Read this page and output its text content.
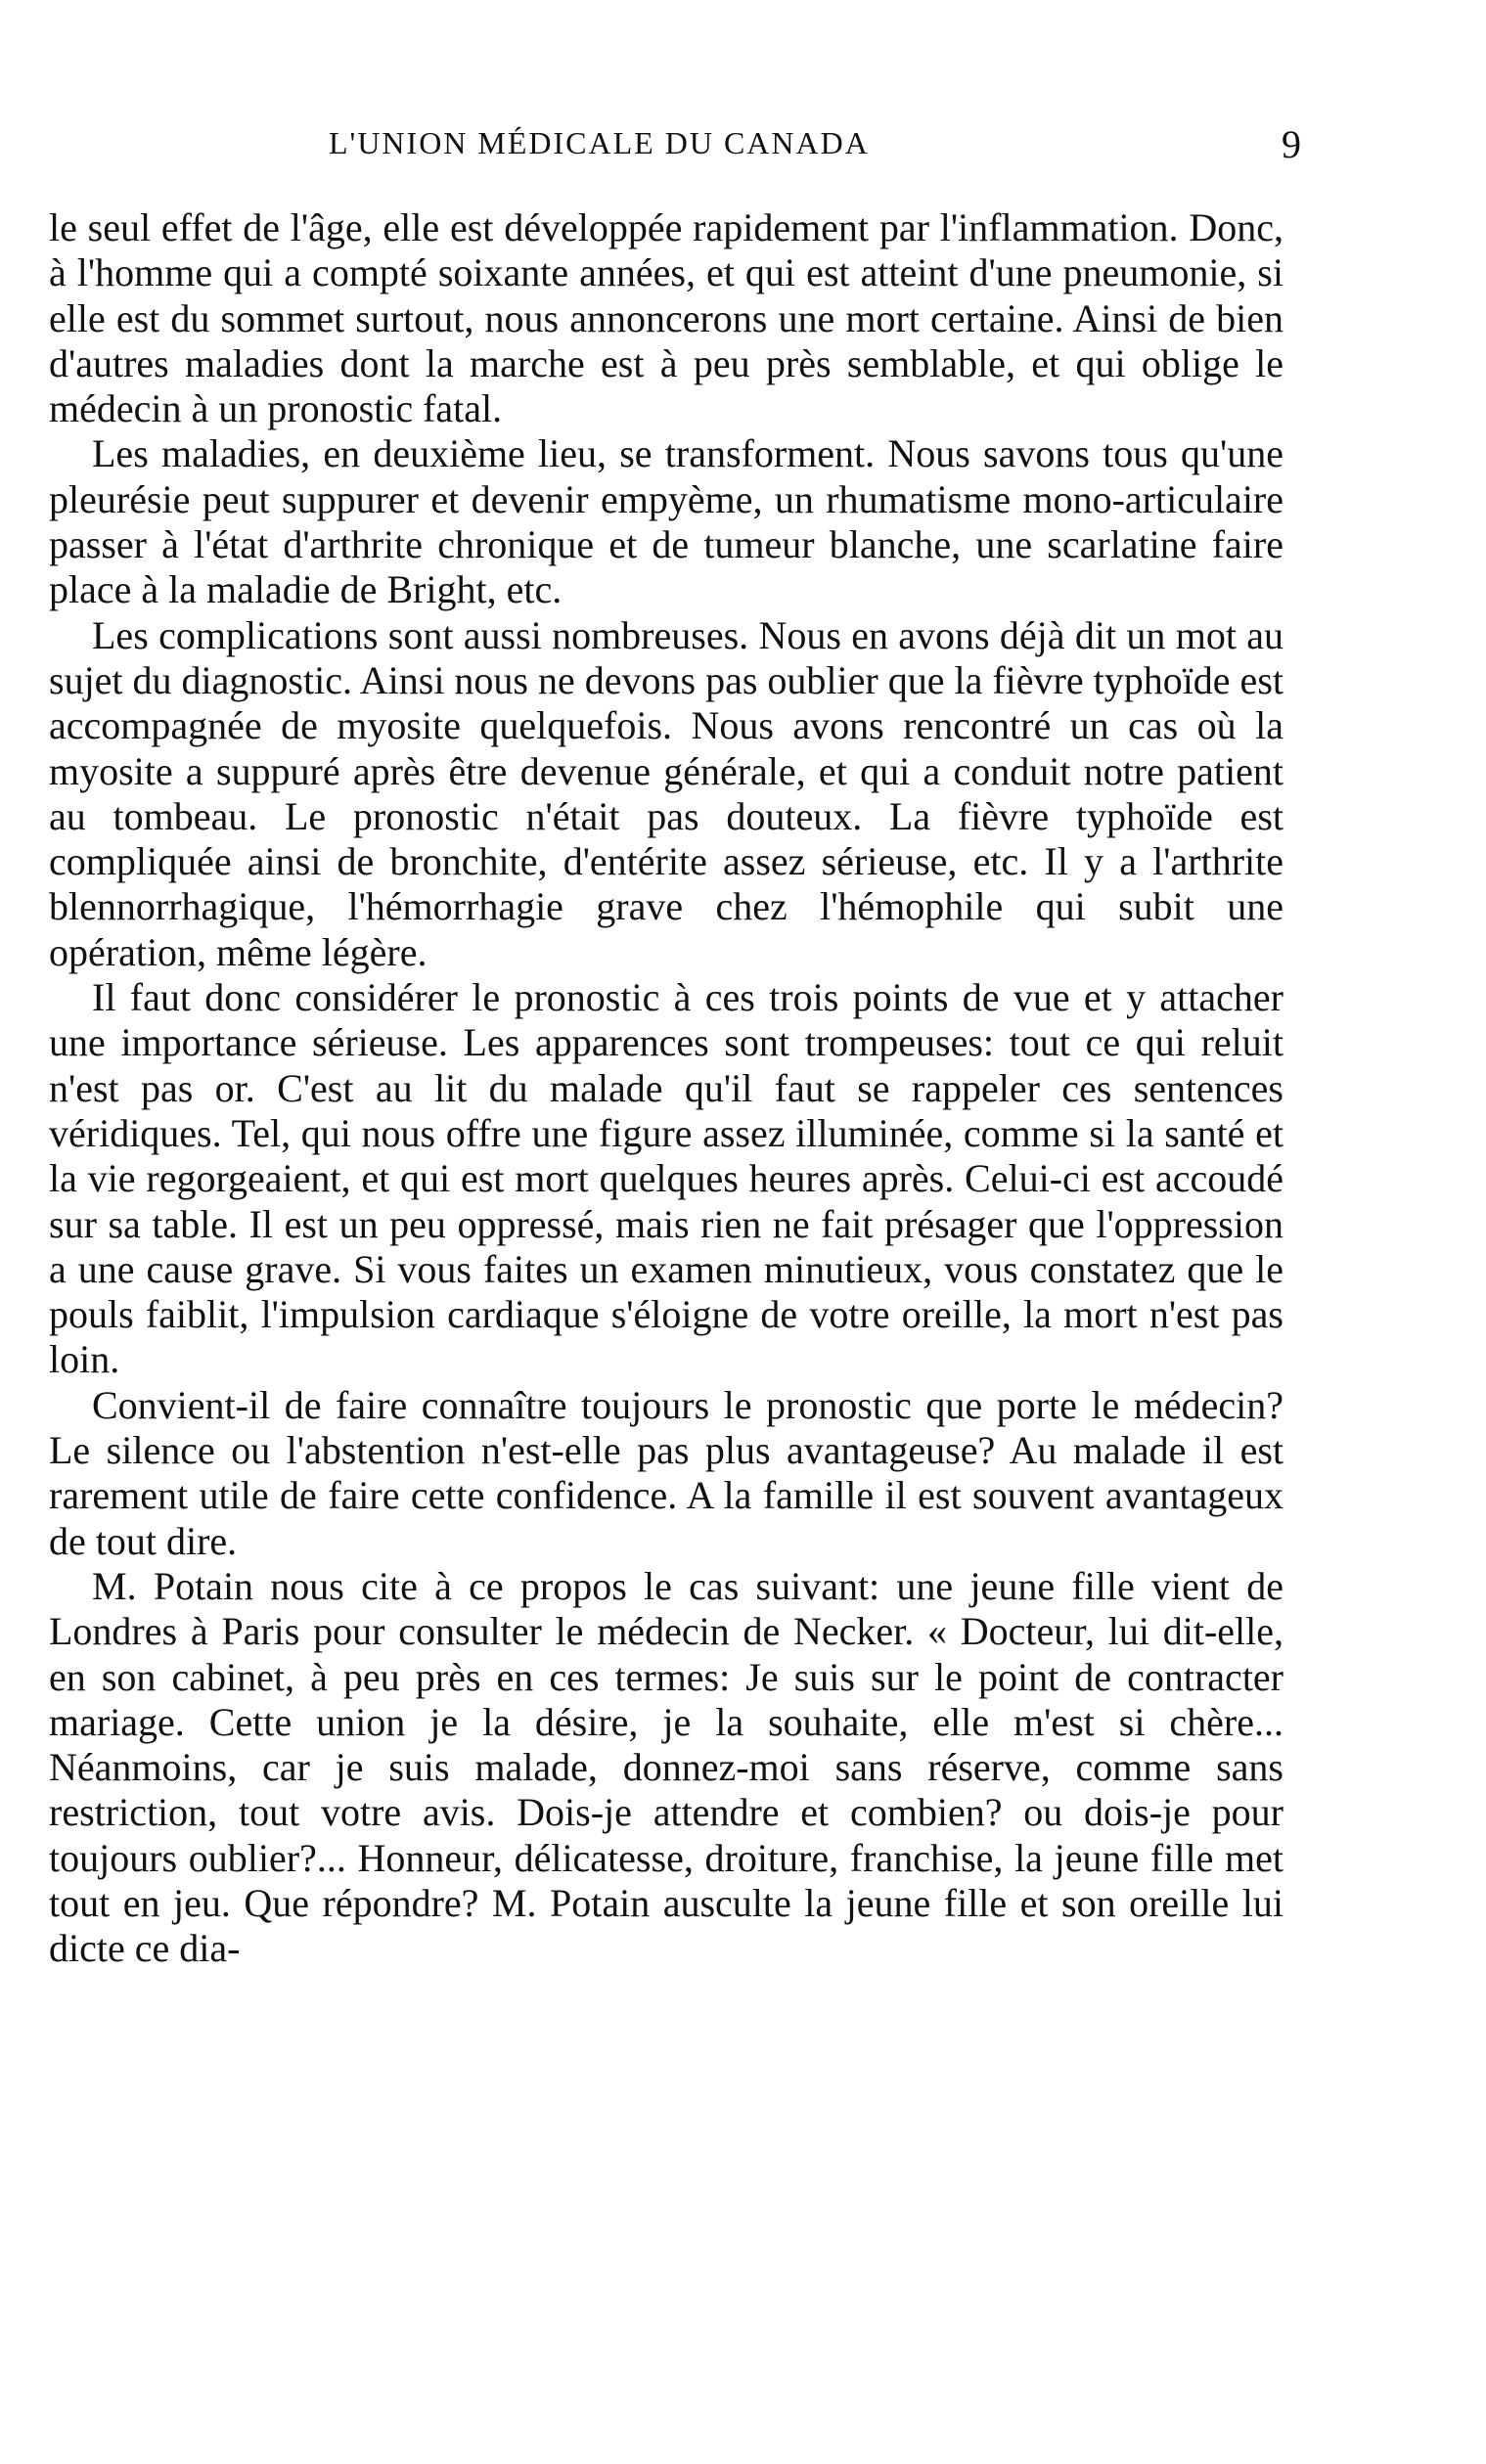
L'UNION MÉDICALE DU CANADA	9

le seul effet de l'âge, elle est développée rapidement par l'inflammation. Donc, à l'homme qui a compté soixante années, et qui est atteint d'une pneumonie, si elle est du sommet surtout, nous annoncerons une mort certaine. Ainsi de bien d'autres maladies dont la marche est à peu près semblable, et qui oblige le médecin à un pronostic fatal.

Les maladies, en deuxième lieu, se transforment. Nous savons tous qu'une pleurésie peut suppurer et devenir empyème, un rhumatisme mono-articulaire passer à l'état d'arthrite chronique et de tumeur blanche, une scarlatine faire place à la maladie de Bright, etc.

Les complications sont aussi nombreuses. Nous en avons déjà dit un mot au sujet du diagnostic. Ainsi nous ne devons pas oublier que la fièvre typhoïde est accompagnée de myosite quelquefois. Nous avons rencontré un cas où la myosite a suppuré après être devenue générale, et qui a conduit notre patient au tombeau. Le pronostic n'était pas douteux. La fièvre typhoïde est compliquée ainsi de bronchite, d'entérite assez sérieuse, etc. Il y a l'arthrite blennorrhagique, l'hémorrhagie grave chez l'hémophile qui subit une opération, même légère.

Il faut donc considérer le pronostic à ces trois points de vue et y attacher une importance sérieuse. Les apparences sont trompeuses: tout ce qui reluit n'est pas or. C'est au lit du malade qu'il faut se rappeler ces sentences véridiques. Tel, qui nous offre une figure assez illuminée, comme si la santé et la vie regorgeaient, et qui est mort quelques heures après. Celui-ci est accoudé sur sa table. Il est un peu oppressé, mais rien ne fait présager que l'oppression a une cause grave. Si vous faites un examen minutieux, vous constatez que le pouls faiblit, l'impulsion cardiaque s'éloigne de votre oreille, la mort n'est pas loin.

Convient-il de faire connaître toujours le pronostic que porte le médecin? Le silence ou l'abstention n'est-elle pas plus avantageuse? Au malade il est rarement utile de faire cette confidence. A la famille il est souvent avantageux de tout dire.

M. Potain nous cite à ce propos le cas suivant: une jeune fille vient de Londres à Paris pour consulter le médecin de Necker. « Docteur, lui dit-elle, en son cabinet, à peu près en ces termes: Je suis sur le point de contracter mariage. Cette union je la désire, je la souhaite, elle m'est si chère... Néanmoins, car je suis malade, donnez-moi sans réserve, comme sans restriction, tout votre avis. Dois-je attendre et combien? ou dois-je pour toujours oublier?... Honneur, délicatesse, droiture, franchise, la jeune fille met tout en jeu. Que répondre? M. Potain ausculte la jeune fille et son oreille lui dicte ce dia-
